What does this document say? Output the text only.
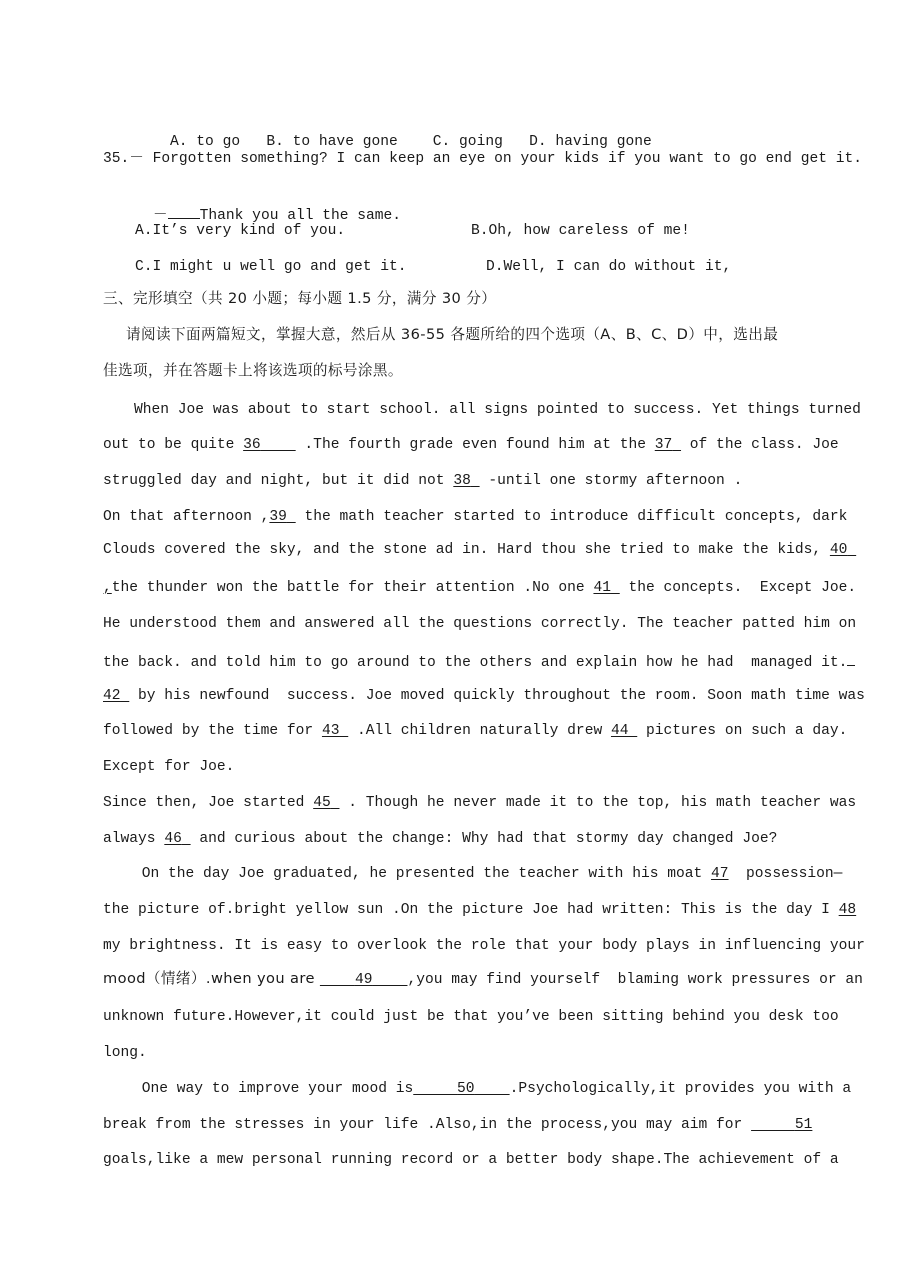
A. to go B. to have gone C. going D. having gone

35.－ Forgotten something? I can keep an eye on your kids if you want to go end get it.

－ Thank you all the same.

A.It’s very kind of you.	B.Oh, how careless of me!
C.I might u well go and get it.	D.Well, I can do without it,
三、完形填空（共 20 小题；每小题 1.5 分，满分 30 分）
请阅读下面两篇短文，掌握大意，然后从 36-55 各题所给的四个选项（A、B、C、D）中，选出最
佳选项，并在答题卡上将该选项的标号涂黑。
When Joe was about to start school. all signs pointed to success. Yet things turned
out to be quite 36     .The fourth grade even found him at the 37  of the class. Joe
struggled day and night, but it did not 38  -until one stormy afternoon .
On that afternoon ,39  the math teacher started to introduce difficult concepts, dark
Clouds covered the sky, and the stone ad in. Hard thou she tried to make the kids, 40
,the thunder won the battle for their attention .No one 41  the concepts.  Except Joe.
He understood them and answered all the questions correctly. The teacher patted him on
the back. and told him to go around to the others and explain how he had  managed it.
42  by his newfound  success. Joe moved quickly throughout the room. Soon math time was
followed by the time for 43  .All children naturally drew 44  pictures on such a day.
Except for Joe.
Since then, Joe started 45  . Though he never made it to the top, his math teacher was
always 46  and curious about the change: Why had that stormy day changed Joe?
On the day Joe graduated, he presented the teacher with his moat 47  possession—
the picture of.bright yellow sun .On the picture Joe had written: This is the day I 48
my brightness. It is easy to overlook the role that your body plays in influencing your
mood（情绪）.when you are     49 ,you may find yourself  blaming work pressures or an
unknown future.However,it could just be that you’ve been sitting behind you desk too
long.
One way to improve your mood is	50 .Psychologically,it provides you with a
break from the stresses in your life .Also,in the process,you may aim for	51
goals,like a mew personal running record or a better body shape.The achievement of a
